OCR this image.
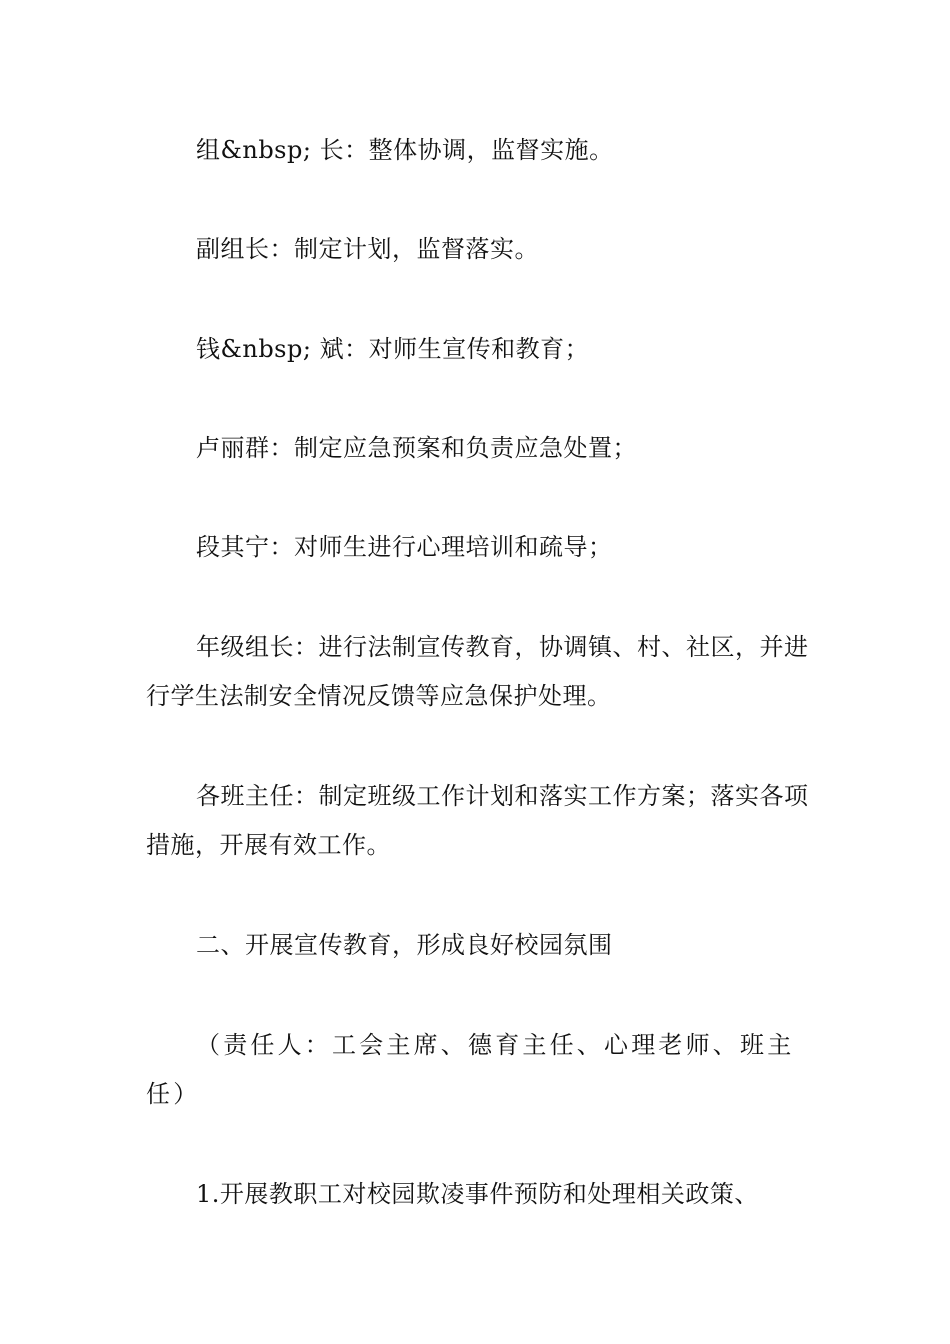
组&nbsp; 长：整体协调，监督实施。

副组长：制定计划，监督落实。

钱&nbsp; 斌：对师生宣传和教育；

卢丽群：制定应急预案和负责应急处置；

段其宁：对师生进行心理培训和疏导；

年级组长：进行法制宣传教育，协调镇、村、社区，并进行学生法制安全情况反馈等应急保护处理。

各班主任：制定班级工作计划和落实工作方案；落实各项措施，开展有效工作。

二、开展宣传教育，形成良好校园氛围

（责任人：工会主席、德育主任、心理老师、班主任）

1.开展教职工对校园欺凌事件预防和处理相关政策、
